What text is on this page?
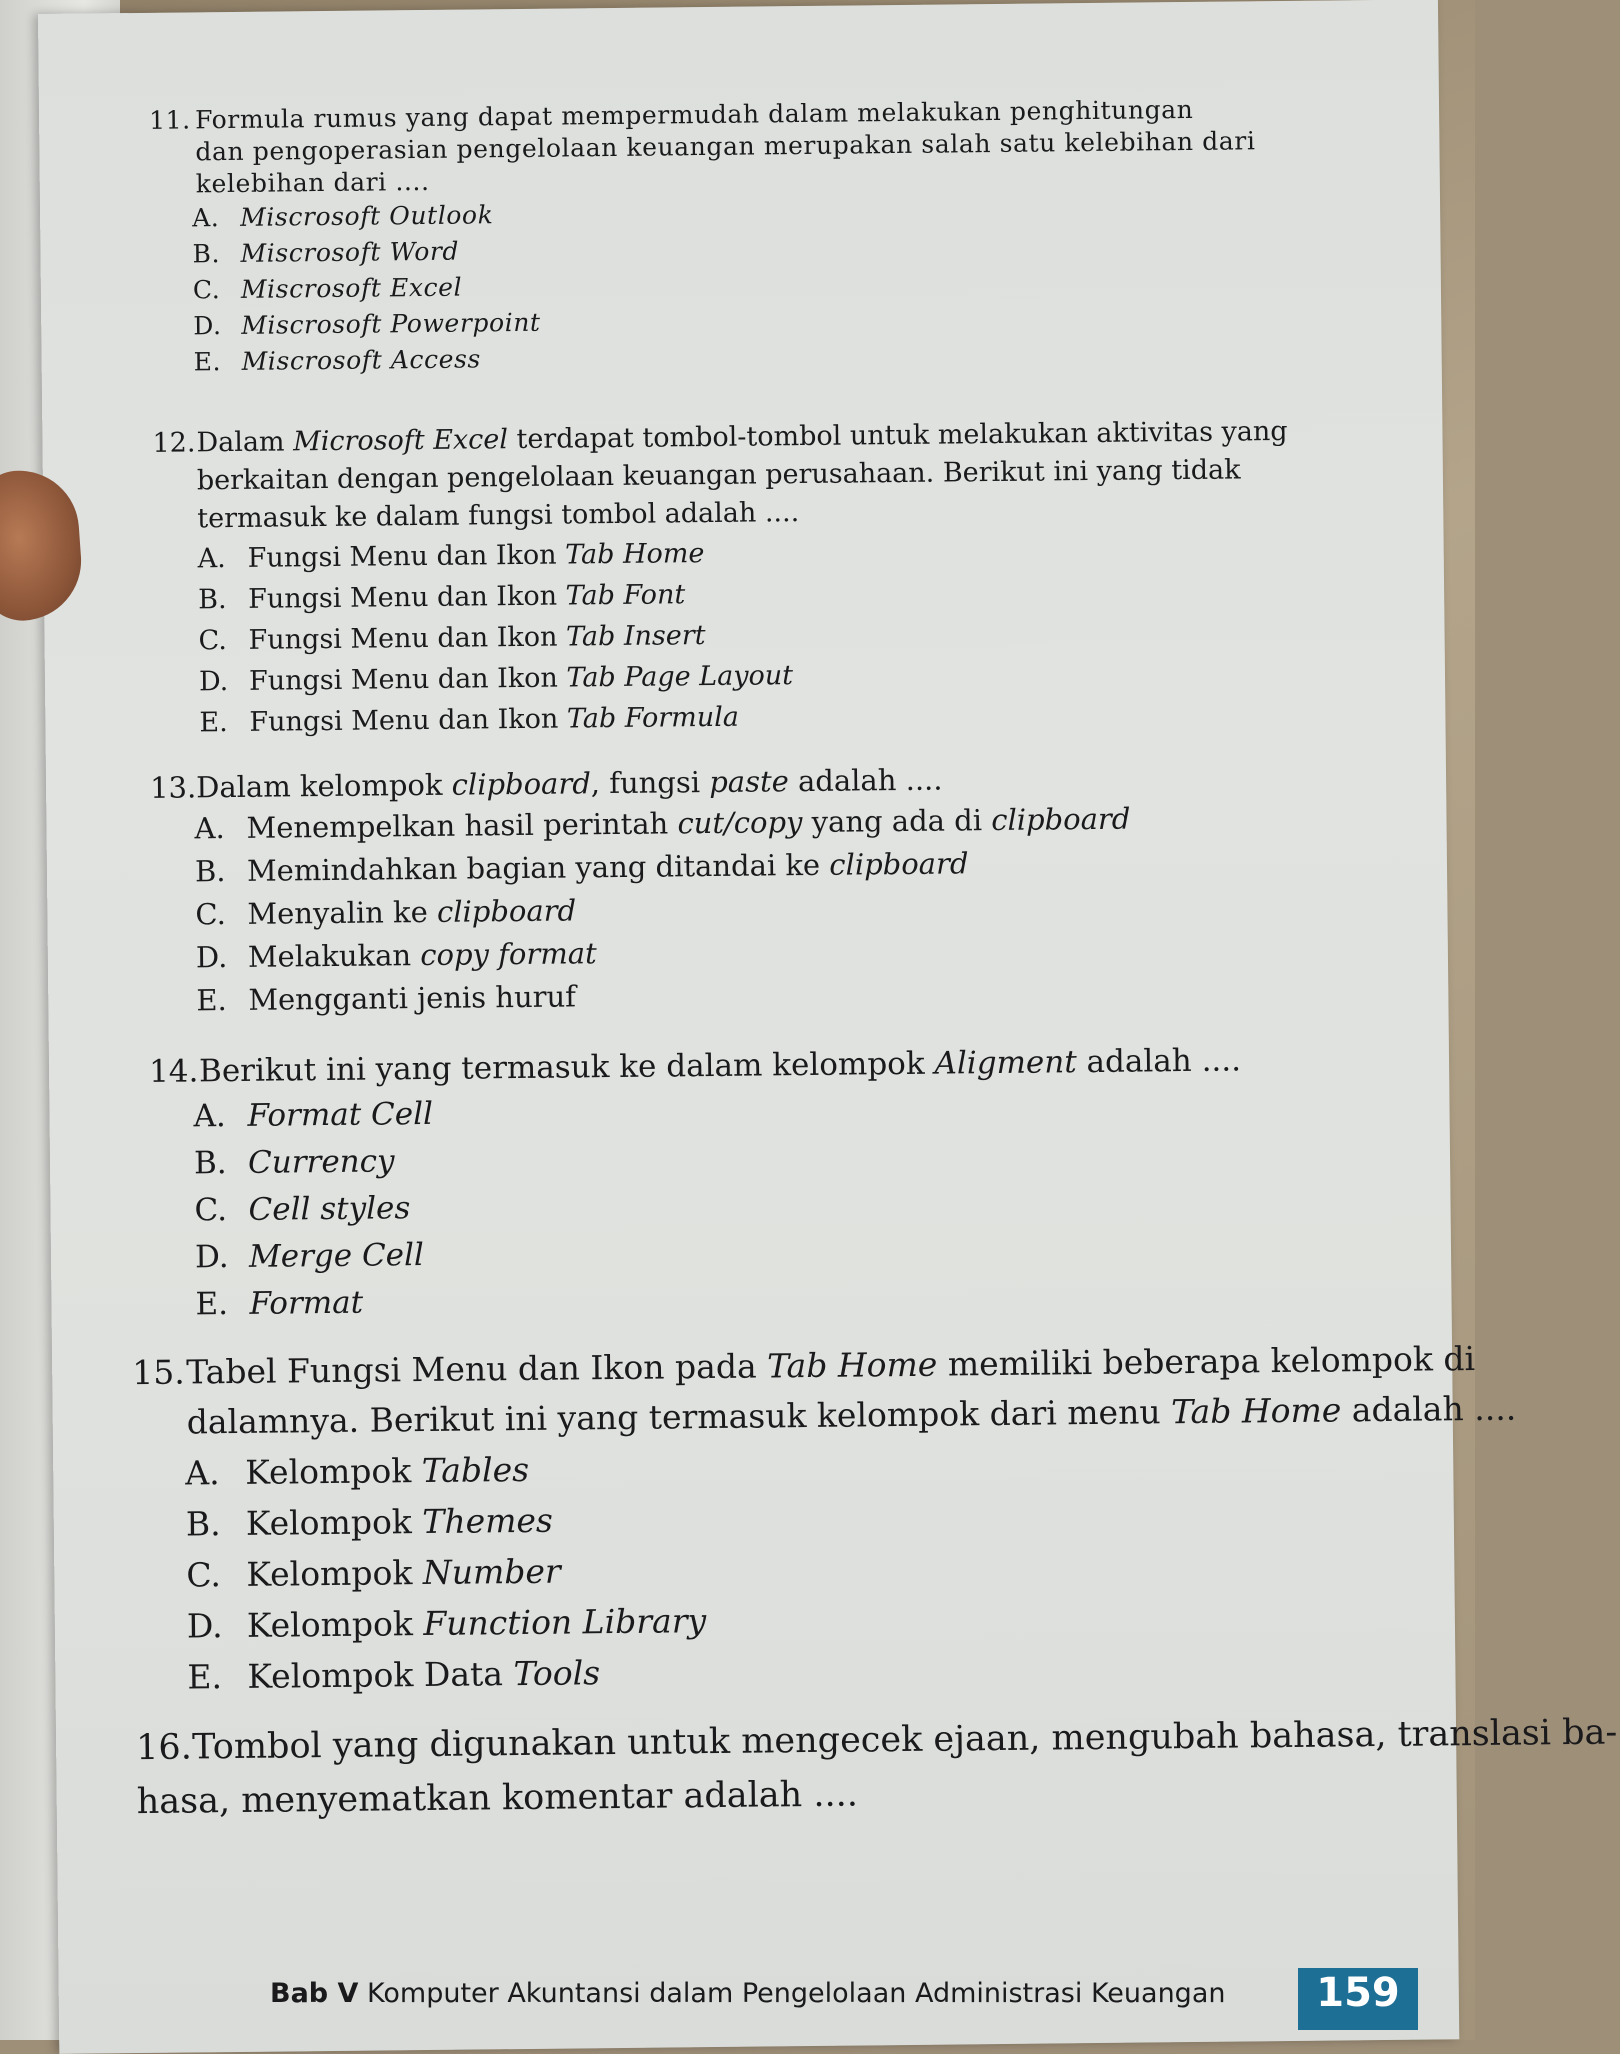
11. Formula rumus yang dapat mempermudah dalam melakukan penghitungan
dan pengoperasian pengelolaan keuangan merupakan salah satu kelebihan dari
kelebihan dari ....
A. Miscrosoft Outlook
B. Miscrosoft Word
C. Miscrosoft Excel
D. Miscrosoft Powerpoint
E. Miscrosoft Access
12.Dalam Microsoft Excel terdapat tombol-tombol untuk melakukan aktivitas yang
berkaitan dengan pengelolaan keuangan perusahaan. Berikut ini yang tidak
termasuk ke dalam fungsi tombol adalah ....
A. Fungsi Menu dan Ikon Tab Home
B. Fungsi Menu dan Ikon Tab Font
C. Fungsi Menu dan Ikon Tab Insert
D. Fungsi Menu dan Ikon Tab Page Layout
E. Fungsi Menu dan Ikon Tab Formula
13.Dalam kelompok clipboard, fungsi paste adalah ....
A. Menempelkan hasil perintah cut/copy yang ada di clipboard
B. Memindahkan bagian yang ditandai ke clipboard
C. Menyalin ke clipboard
D. Melakukan copy format
E. Mengganti jenis huruf
14.Berikut ini yang termasuk ke dalam kelompok Aligment adalah ....
A. Format Cell
B. Currency
C. Cell styles
D. Merge Cell
E. Format
15.Tabel Fungsi Menu dan Ikon pada Tab Home memiliki beberapa kelompok di
dalamnya. Berikut ini yang termasuk kelompok dari menu Tab Home adalah ....
A. Kelompok Tables
B. Kelompok Themes
C. Kelompok Number
D. Kelompok Function Library
E. Kelompok Data Tools
16.Tombol yang digunakan untuk mengecek ejaan, mengubah bahasa, translasi ba-
hasa, menyematkan komentar adalah ....
Bab V Komputer Akuntansi dalam Pengelolaan Administrasi Keuangan 159
